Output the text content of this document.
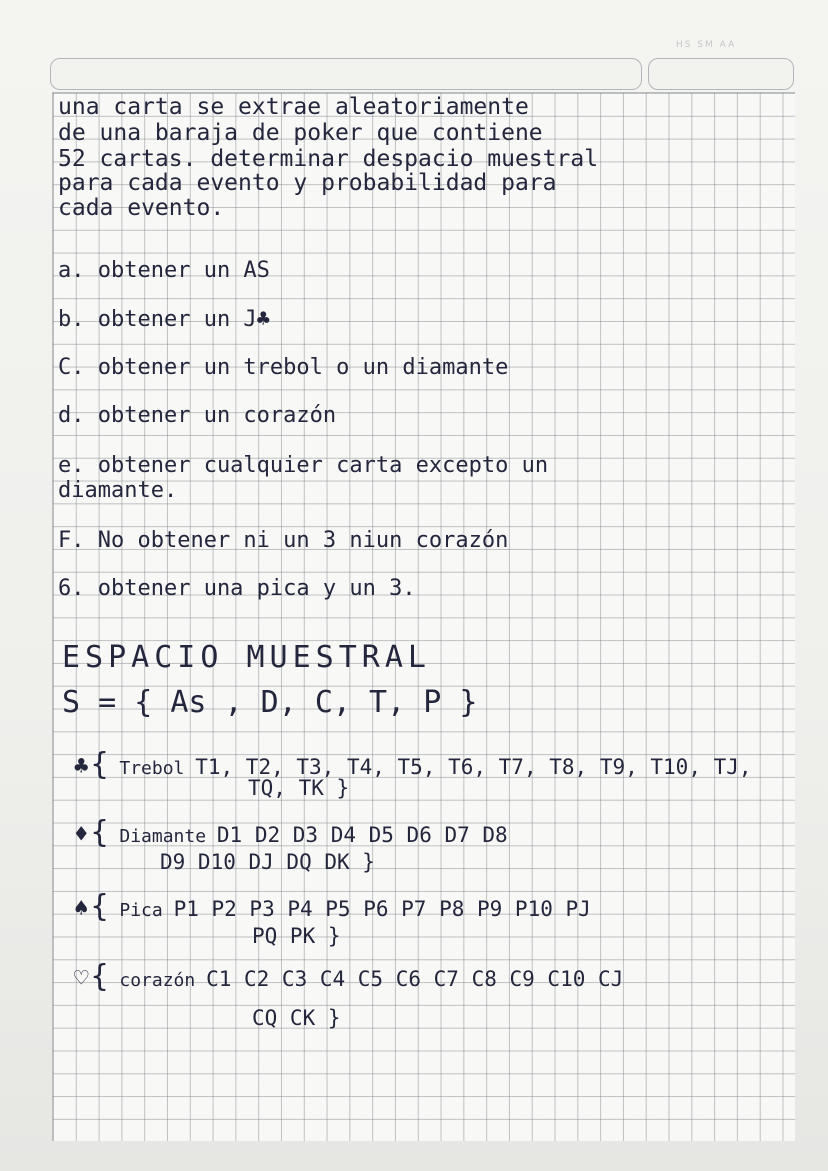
HS SM AA
una carta se extrae aleatoriamente
de una baraja de poker que contiene
52 cartas. determinar despacio muestral
para cada evento y probabilidad para
cada evento.
a. obtener un AS
b. obtener un J♣
C. obtener un trebol o un diamante
d. obtener un corazón
e. obtener cualquier carta excepto un
diamante.
F. No obtener ni un 3 niun corazón
6. obtener una pica y un 3.
ESPACIO MUESTRAL
S = { As , D, C, T, P }
♣{ Trebol T1, T2, T3, T4, T5, T6, T7, T8, T9, T10, TJ,
TQ, TK }
♦{ Diamante D1 D2 D3 D4 D5 D6 D7 D8
D9 D10 DJ DQ DK }
♠{ Pica P1 P2 P3 P4 P5 P6 P7 P8 P9 P10 PJ
PQ PK }
♡{ corazón C1 C2 C3 C4 C5 C6 C7 C8 C9 C10 CJ
CQ CK }
